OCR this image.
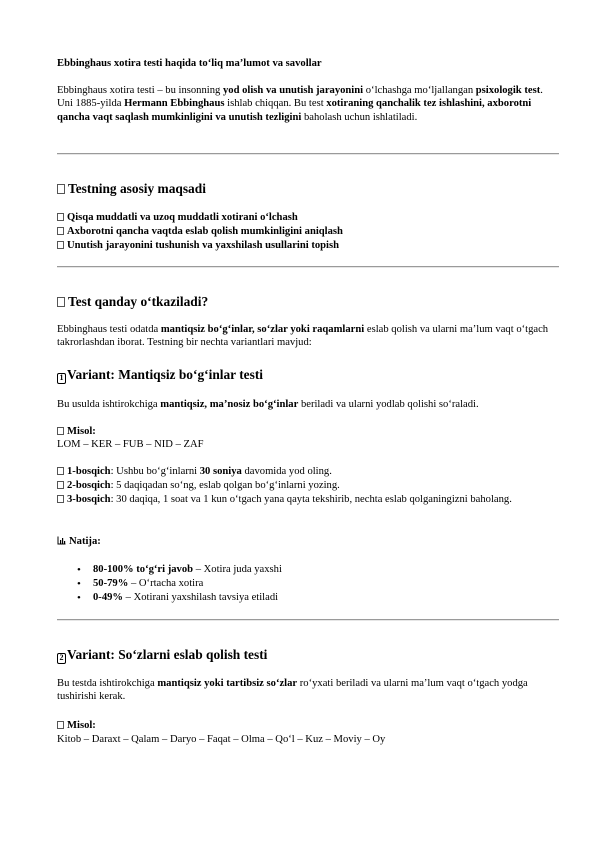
Ebbinghaus xotira testi haqida to‘liq ma’lumot va savollar

Ebbinghaus xotira testi – bu insonning yod olish va unutish jarayonini o‘lchashga mo‘ljallangan psixologik test. Uni 1885-yilda Hermann Ebbinghaus ishlab chiqqan. Bu test xotiraning qanchalik tez ishlashini, axborotni qancha vaqt saqlash mumkinligini va unutish tezligini baholash uchun ishlatiladi.

Testning asosiy maqsadi

Qisqa muddatli va uzoq muddatli xotirani o‘lchash

Axborotni qancha vaqtda eslab qolish mumkinligini aniqlash

Unutish jarayonini tushunish va yaxshilash usullarini topish

Test qanday o‘tkaziladi?

Ebbinghaus testi odatda mantiqsiz bo‘g‘inlar, so‘zlar yoki raqamlarni eslab qolish va ularni ma’lum vaqt o‘tgach takrorlashdan iborat. Testning bir nechta variantlari mavjud:

1 Variant: Mantiqsiz bo‘g‘inlar testi

Bu usulda ishtirokchiga mantiqsiz, ma’nosiz bo‘g‘inlar beriladi va ularni yodlab qolishi so‘raladi.

Misol:

LOM – KER – FUB – NID – ZAF

1-bosqich: Ushbu bo‘g‘inlarni 30 soniya davomida yod oling.

2-bosqich: 5 daqiqadan so‘ng, eslab qolgan bo‘g‘inlarni yozing.

3-bosqich: 30 daqiqa, 1 soat va 1 kun o‘tgach yana qayta tekshirib, nechta eslab qolganingizni baholang.

Natija:

• 80-100% to‘g‘ri javob – Xotira juda yaxshi
• 50-79% – O‘rtacha xotira
• 0-49% – Xotirani yaxshilash tavsiya etiladi
2 Variant: So‘zlarni eslab qolish testi

Bu testda ishtirokchiga mantiqsiz yoki tartibsiz so‘zlar ro‘yxati beriladi va ularni ma’lum vaqt o‘tgach yodga tushirishi kerak.

Misol:

Kitob – Daraxt – Qalam – Daryo – Faqat – Olma – Qo‘l – Kuz – Moviy – Oy
